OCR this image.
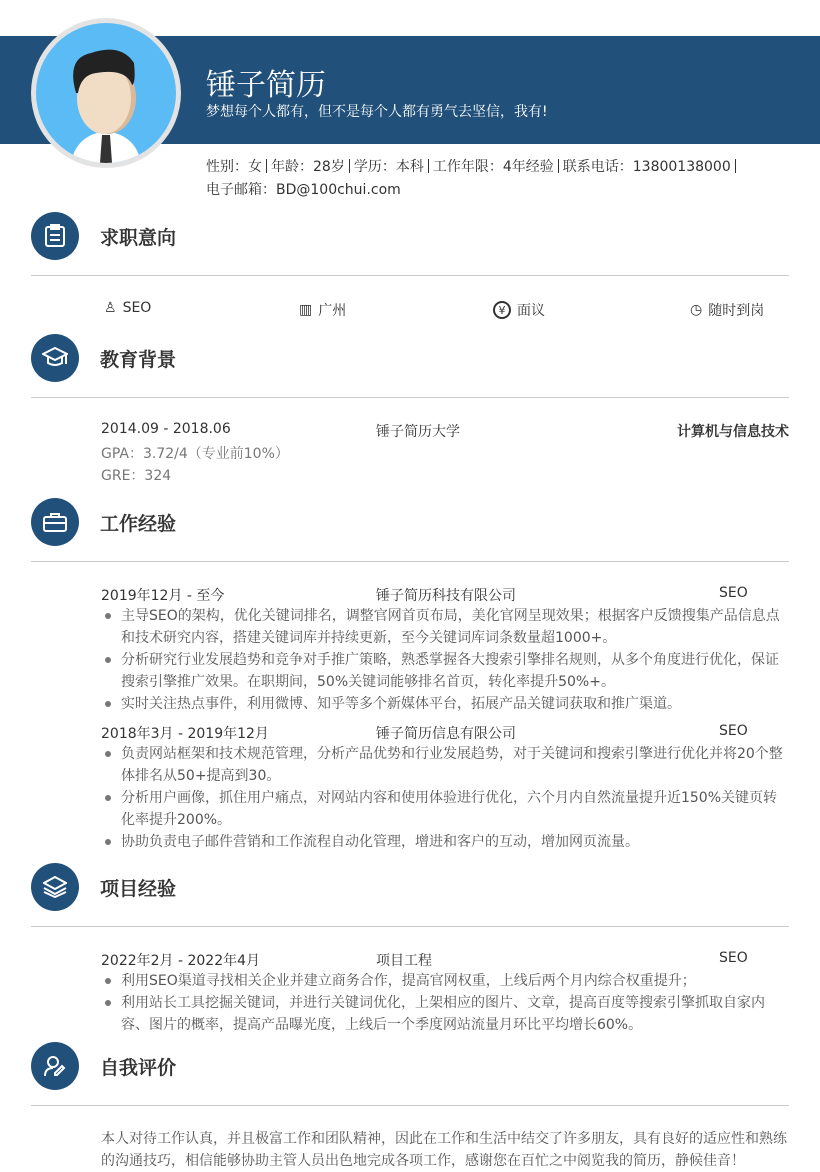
锤子简历
梦想每个人都有，但不是每个人都有勇气去坚信，我有!
性别：女 年龄：28岁 学历：本科 工作年限：4年经验 联系电话：13800138000
电子邮箱：BD@100chui.com
求职意向
♙ SEO	▥ 广州	¥ 面议	◷ 随时到岗
教育背景
2014.09 - 2018.06	锤子简历大学	计算机与信息技术
GPA：3.72/4（专业前10%）
GRE：324
工作经验
2019年12月 - 至今	锤子简历科技有限公司	SEO
主导SEO的架构，优化关键词排名，调整官网首页布局，美化官网呈现效果；根据客户反馈搜集产品信息点和技术研究内容，搭建关键词库并持续更新，至今关键词库词条数量超1000+。
分析研究行业发展趋势和竞争对手推广策略，熟悉掌握各大搜索引擎排名规则，从多个角度进行优化，保证搜索引擎推广效果。在职期间，50%关键词能够排名首页，转化率提升50%+。
实时关注热点事件，利用微博、知乎等多个新媒体平台，拓展产品关键词获取和推广渠道。
2018年3月 - 2019年12月	锤子简历信息有限公司	SEO
负责网站框架和技术规范管理，分析产品优势和行业发展趋势，对于关键词和搜索引擎进行优化并将20个整体排名从50+提高到30。
分析用户画像，抓住用户痛点，对网站内容和使用体验进行优化，六个月内自然流量提升近150%关键页转化率提升200%。
协助负责电子邮件营销和工作流程自动化管理，增进和客户的互动，增加网页流量。
项目经验
2022年2月 - 2022年4月	项目工程	SEO
利用SEO渠道寻找相关企业并建立商务合作，提高官网权重，上线后两个月内综合权重提升；
利用站长工具挖掘关键词，并进行关键词优化，上架相应的图片、文章，提高百度等搜索引擎抓取自家内容、图片的概率，提高产品曝光度，上线后一个季度网站流量月环比平均增长60%。
自我评价
本人对待工作认真，并且极富工作和团队精神，因此在工作和生活中结交了许多朋友，具有良好的适应性和熟练的沟通技巧，相信能够协助主管人员出色地完成各项工作，感谢您在百忙之中阅览我的简历，静候佳音！
